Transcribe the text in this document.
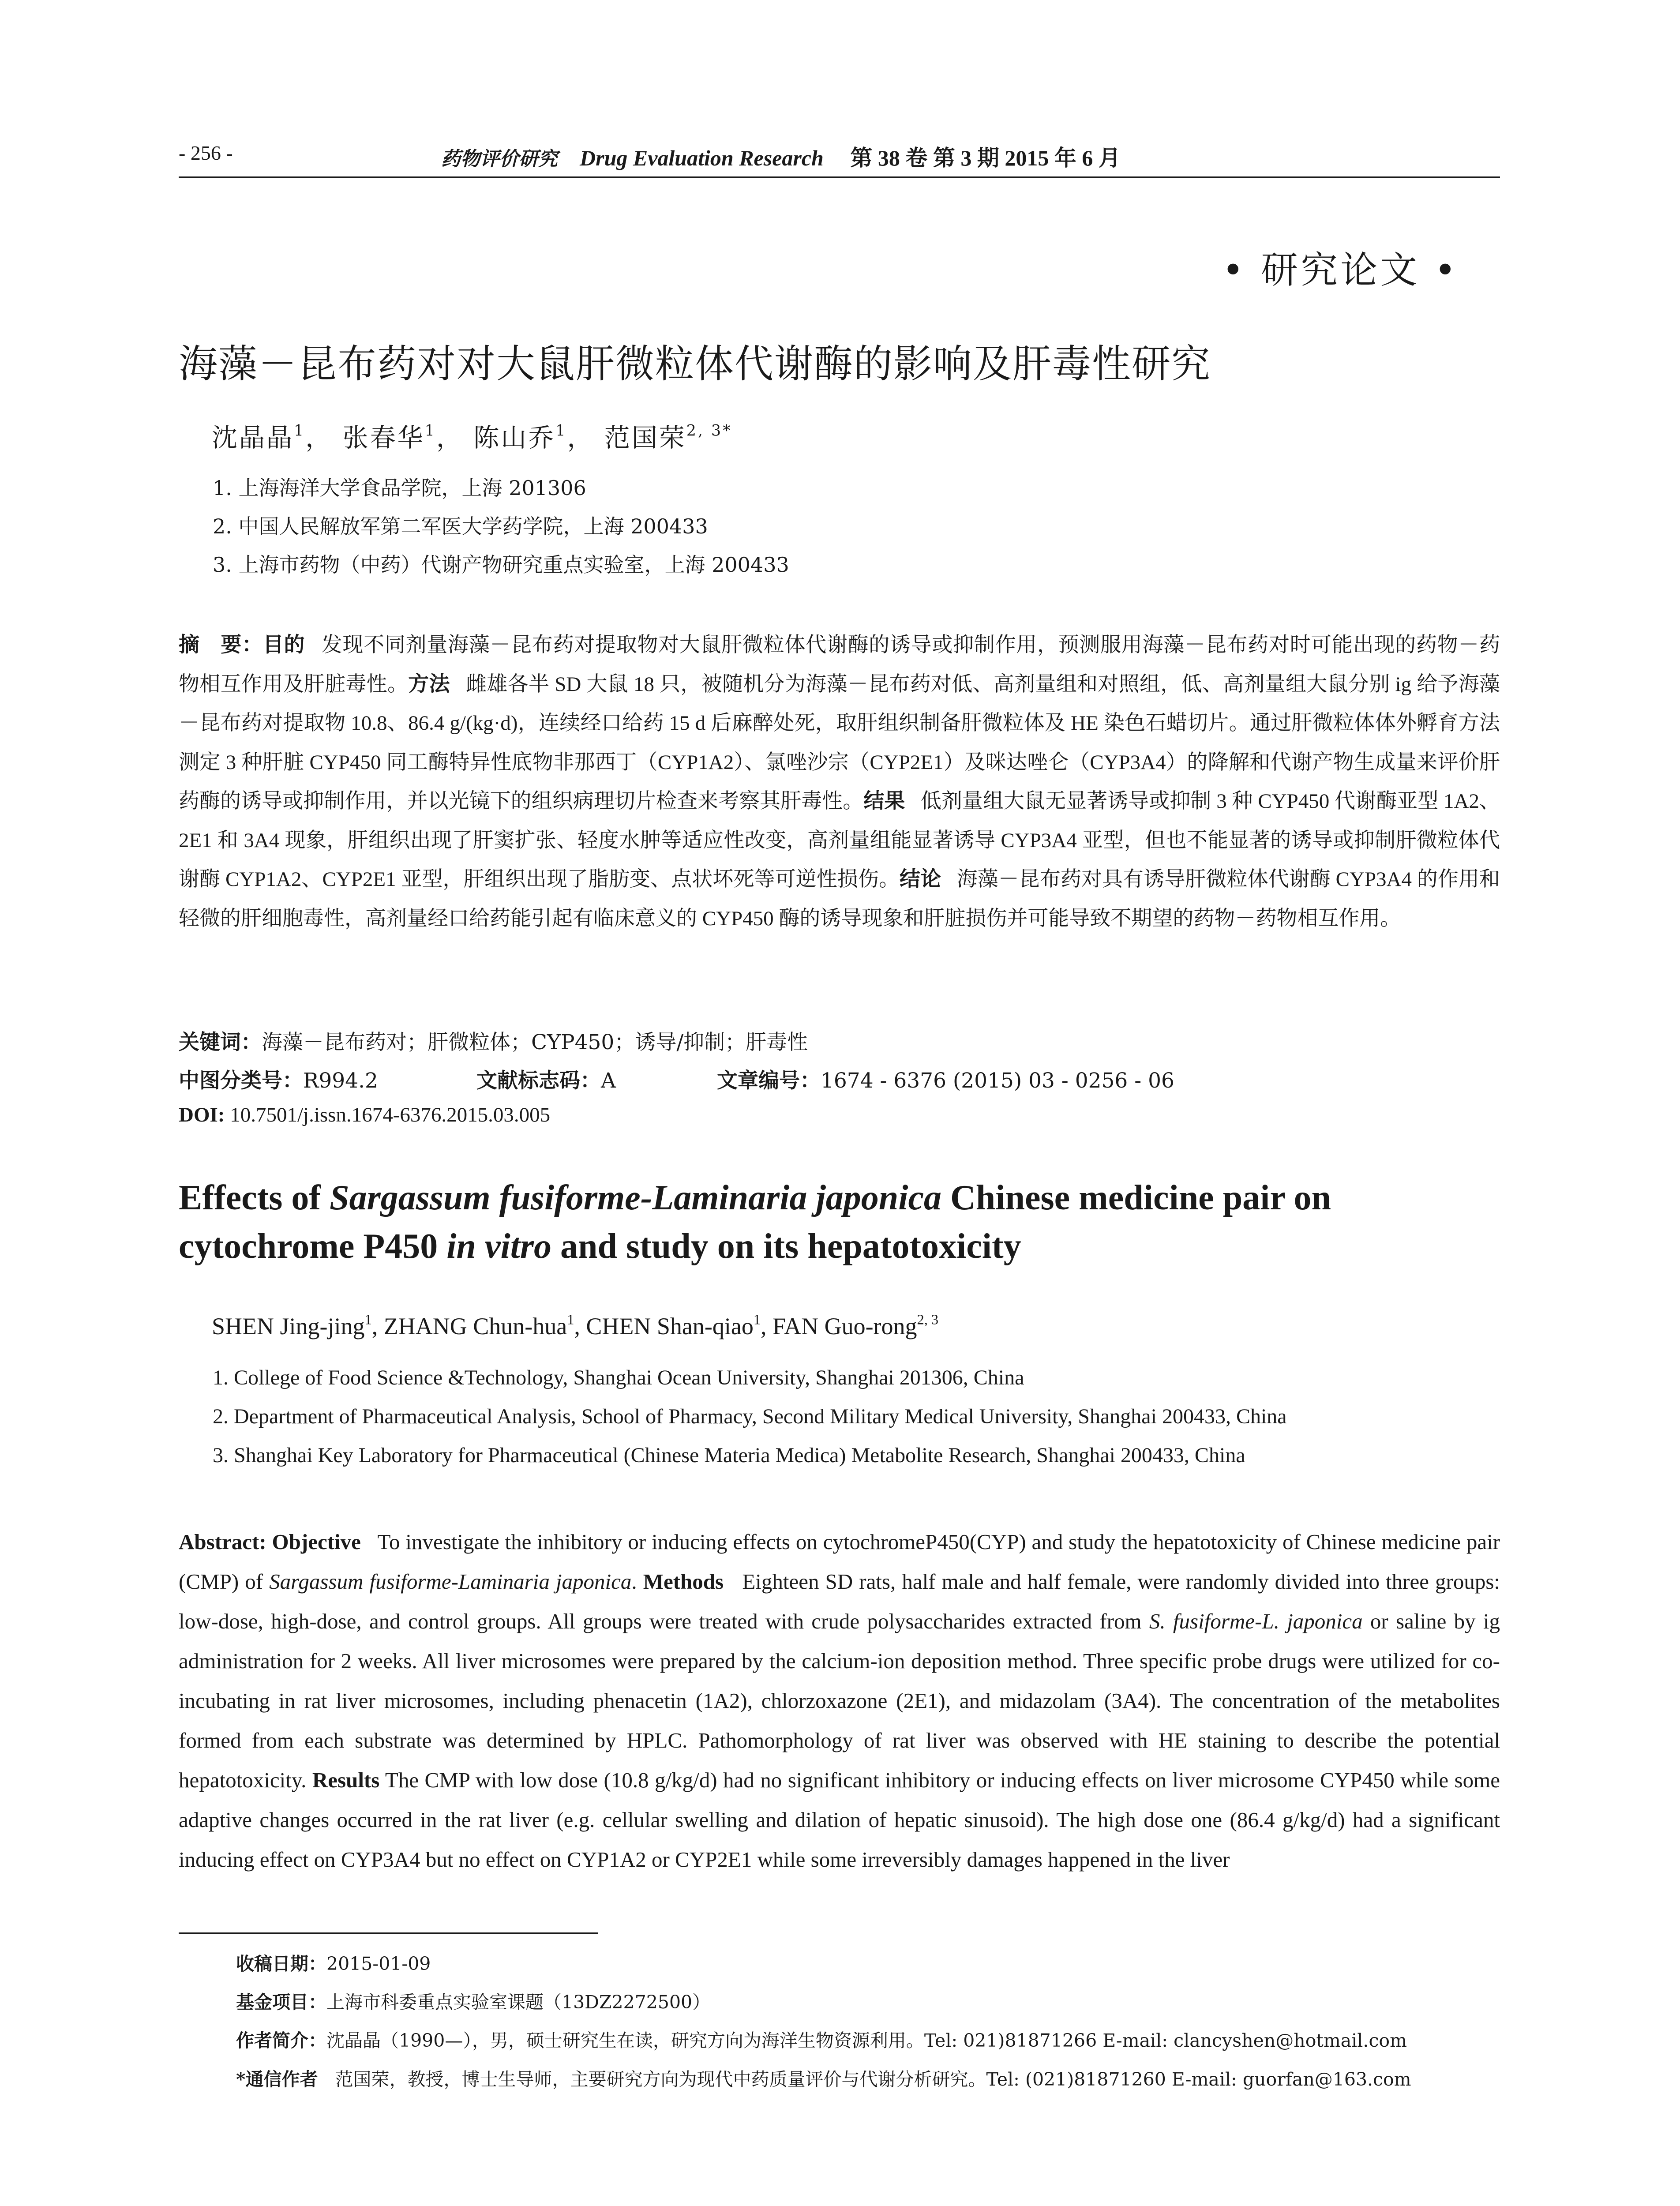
- 256 -	药物评价研究 Drug Evaluation Research 第 38 卷 第 3 期 2015 年 6 月
• 研究论文 •
海藻－昆布药对对大鼠肝微粒体代谢酶的影响及肝毒性研究
沈晶晶$^1$， 张春华$^1$， 陈山乔$^1$， 范国荣$^{2, 3*}$
1. 上海海洋大学食品学院，上海 201306
2. 中国人民解放军第二军医大学药学院，上海 200433
3. 上海市药物（中药）代谢产物研究重点实验室，上海 200433
摘　要：目的 发现不同剂量海藻－昆布药对提取物对大鼠肝微粒体代谢酶的诱导或抑制作用，预测服用海藻－昆布药对时可能出现的药物－药物相互作用及肝脏毒性。方法 雌雄各半 SD 大鼠 18 只，被随机分为海藻－昆布药对低、高剂量组和对照组，低、高剂量组大鼠分别 ig 给予海藻－昆布药对提取物 10.8、86.4 g/(kg·d)，连续经口给药 15 d 后麻醉处死，取肝组织制备肝微粒体及 HE 染色石蜡切片。通过肝微粒体体外孵育方法测定 3 种肝脏 CYP450 同工酶特异性底物非那西丁（CYP1A2）、氯唑沙宗（CYP2E1）及咪达唑仑（CYP3A4）的降解和代谢产物生成量来评价肝药酶的诱导或抑制作用，并以光镜下的组织病理切片检查来考察其肝毒性。结果 低剂量组大鼠无显著诱导或抑制 3 种 CYP450 代谢酶亚型 1A2、2E1 和 3A4 现象，肝组织出现了肝窦扩张、轻度水肿等适应性改变，高剂量组能显著诱导 CYP3A4 亚型，但也不能显著的诱导或抑制肝微粒体代谢酶 CYP1A2、CYP2E1 亚型，肝组织出现了脂肪变、点状坏死等可逆性损伤。结论 海藻－昆布药对具有诱导肝微粒体代谢酶 CYP3A4 的作用和轻微的肝细胞毒性，高剂量经口给药能引起有临床意义的 CYP450 酶的诱导现象和肝脏损伤并可能导致不期望的药物－药物相互作用。
关键词：海藻－昆布药对；肝微粒体；CYP450；诱导/抑制；肝毒性
中图分类号：R994.2	文献标志码：A	文章编号：1674 - 6376 (2015) 03 - 0256 - 06
DOI: 10.7501/j.issn.1674-6376.2015.03.005
Effects of Sargassum fusiforme-Laminaria japonica Chinese medicine pair on cytochrome P450 in vitro and study on its hepatotoxicity
SHEN Jing-jing$^1$, ZHANG Chun-hua$^1$, CHEN Shan-qiao$^1$, FAN Guo-rong$^{2, 3}$
1. College of Food Science &Technology, Shanghai Ocean University, Shanghai 201306, China
2. Department of Pharmaceutical Analysis, School of Pharmacy, Second Military Medical University, Shanghai 200433, China
3. Shanghai Key Laboratory for Pharmaceutical (Chinese Materia Medica) Metabolite Research, Shanghai 200433, China
Abstract: Objective To investigate the inhibitory or inducing effects on cytochromeP450(CYP) and study the hepatotoxicity of Chinese medicine pair (CMP) of Sargassum fusiforme-Laminaria japonica. Methods Eighteen SD rats, half male and half female, were randomly divided into three groups: low-dose, high-dose, and control groups. All groups were treated with crude polysaccharides extracted from S. fusiforme-L. japonica or saline by ig administration for 2 weeks. All liver microsomes were prepared by the calcium-ion deposition method. Three specific probe drugs were utilized for co-incubating in rat liver microsomes, including phenacetin (1A2), chlorzoxazone (2E1), and midazolam (3A4). The concentration of the metabolites formed from each substrate was determined by HPLC. Pathomorphology of rat liver was observed with HE staining to describe the potential hepatotoxicity. Results The CMP with low dose (10.8 g/kg/d) had no significant inhibitory or inducing effects on liver microsome CYP450 while some adaptive changes occurred in the rat liver (e.g. cellular swelling and dilation of hepatic sinusoid). The high dose one (86.4 g/kg/d) had a significant inducing effect on CYP3A4 but no effect on CYP1A2 or CYP2E1 while some irreversibly damages happened in the liver
收稿日期：2015-01-09
基金项目：上海市科委重点实验室课题（13DZ2272500）
作者简介：沈晶晶（1990—），男，硕士研究生在读，研究方向为海洋生物资源利用。Tel: 021)81871266 E-mail: clancyshen@hotmail.com
*通信作者 范国荣，教授，博士生导师，主要研究方向为现代中药质量评价与代谢分析研究。Tel: (021)81871260 E-mail: guorfan@163.com
